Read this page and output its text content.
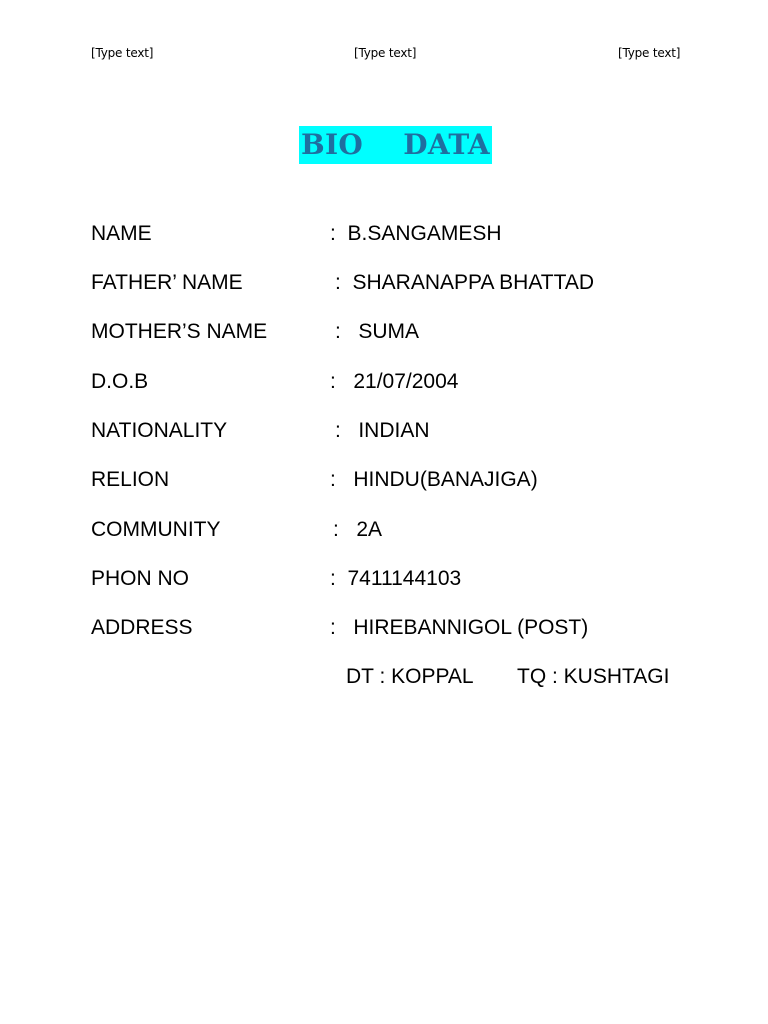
[Type text]	[Type text]	[Type text]
BIO    DATA
NAME	:  B.SANGAMESH
FATHER’ NAME	:  SHARANAPPA BHATTAD
MOTHER’S NAME	:   SUMA
D.O.B	:   21/07/2004
NATIONALITY	:   INDIAN
RELION	:   HINDU(BANAJIGA)
COMMUNITY	:   2A
PHON NO	:  7411144103
ADDRESS	:   HIREBANNIGOL (POST)
DT : KOPPAL TQ : KUSHTAGI
